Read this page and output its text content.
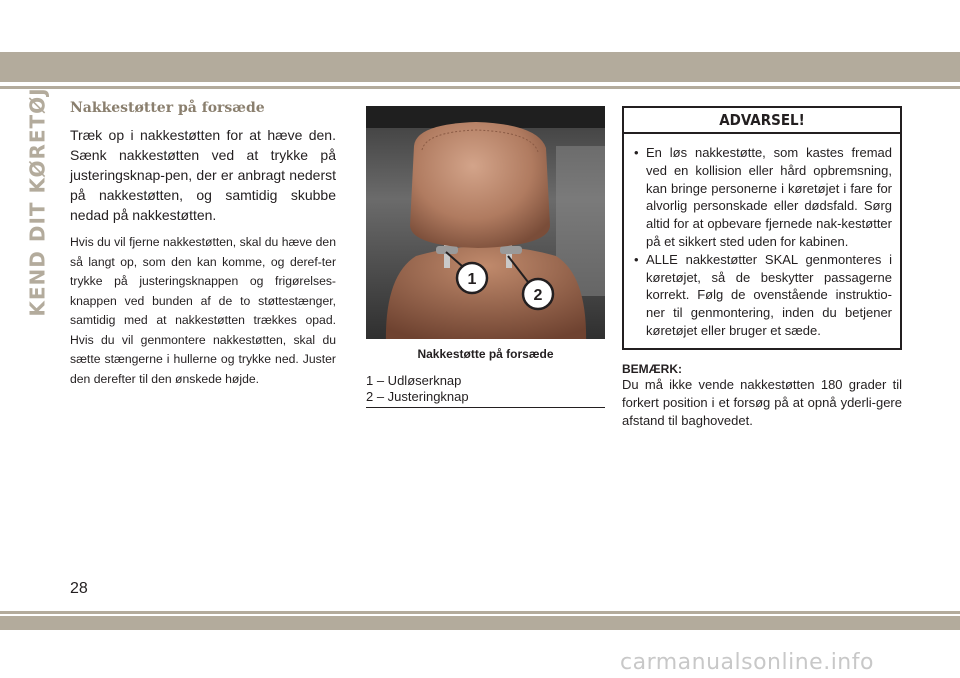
KEND DIT KØRETØJ Nakkestøtter på forsæde

Træk op i nakkestøtten for at hæve den. Sænk nakkestøtten ved at trykke på justeringsknap-pen, der er anbragt nederst på nakkestøtten, og samtidig skubbe nedad på nakkestøtten.

Hvis du vil fjerne nakkestøtten, skal du hæve den så langt op, som den kan komme, og deref-ter trykke på justeringsknappen og frigørelses-knappen ved bunden af de to støttestænger, samtidig med at nakkestøtten trækkes opad. Hvis du vil genmontere nakkestøtten, skal du sætte stængerne i hullerne og trykke ned. Juster den derefter til den ønskede højde.

1
2
Nakkestøtte på forsæde
1 – Udløserknap
2 – Justeringknap
ADVARSEL!
• En løs nakkestøtte, som kastes fremad ved en kollision eller hård opbremsning, kan bringe personerne i køretøjet i fare for alvorlig personskade eller dødsfald. Sørg altid for at opbevare fjernede nak-kestøtter på et sikkert sted uden for kabinen.
• ALLE nakkestøtter SKAL genmonteres i køretøjet, så de beskytter passagerne korrekt. Følg de ovenstående instruktio-ner til genmontering, inden du betjener køretøjet eller bruger et sæde.
BEMÆRK:
Du må ikke vende nakkestøtten 180 grader til forkert position i et forsøg på at opnå yderli-gere afstand til baghovedet.
28
carmanualsonline.info
